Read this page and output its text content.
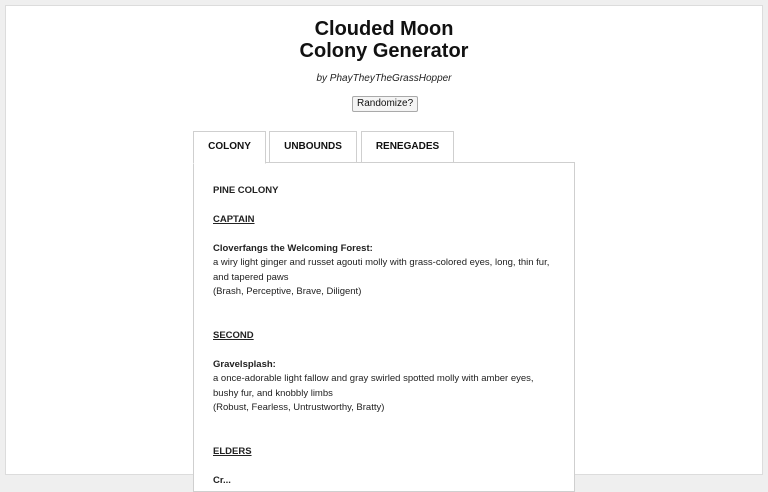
Clouded Moon
Colony Generator
by PhayTheyTheGrassHopper
Randomize?
COLONY	UNBOUNDS	RENEGADES

PINE COLONY

CAPTAIN

Cloverfangs the Welcoming Forest:

a wiry light ginger and russet agouti molly with grass-colored eyes, long, thin fur, and tapered paws

(Brash, Perceptive, Brave, Diligent)

SECOND

Gravelsplash:

a once-adorable light fallow and gray swirled spotted molly with amber eyes, bushy fur, and knobbly limbs

(Robust, Fearless, Untrustworthy, Bratty)

ELDERS

Cr...
